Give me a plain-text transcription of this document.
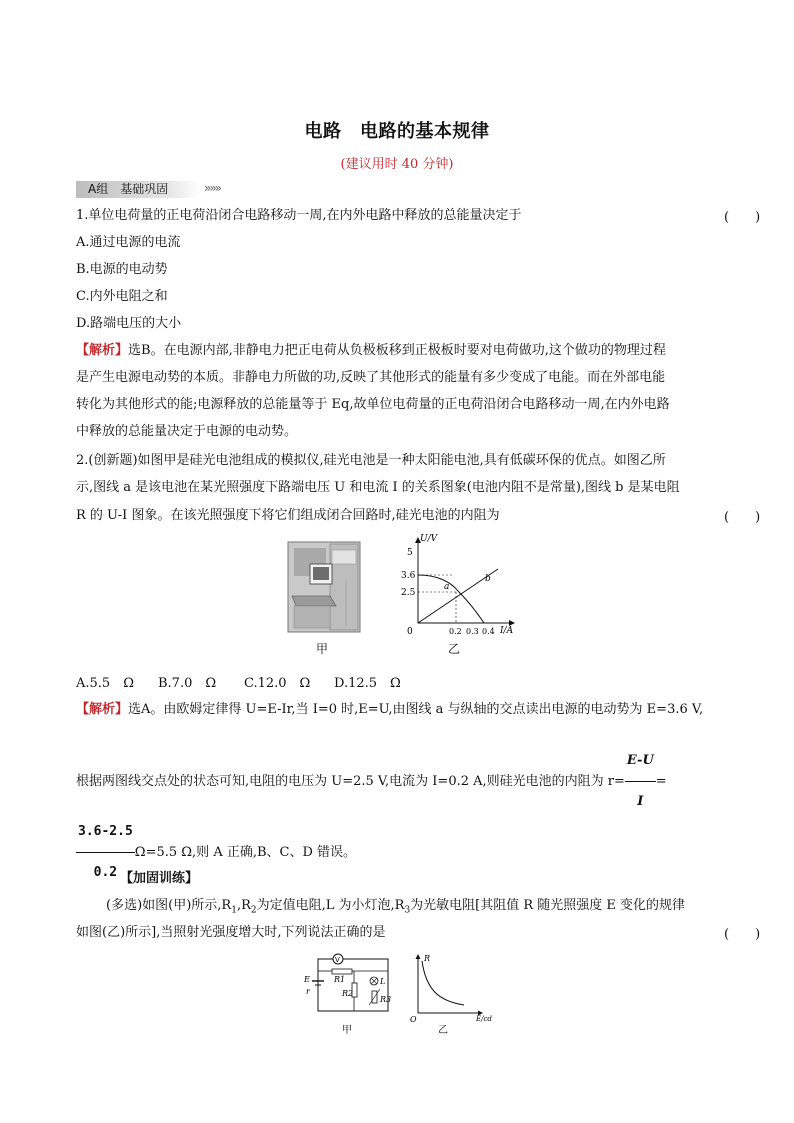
电路　电路的基本规律
(建议用时 40 分钟)
A组　基础巩固	»»»
1.单位电荷量的正电荷沿闭合电路移动一周,在内外电路中释放的总能量决定于	(　　)
A.通过电源的电流
B.电源的电动势
C.内外电阻之和
D.路端电压的大小
【解析】选B。在电源内部,非静电力把正电荷从负极板移到正极板时要对电荷做功,这个做功的物理过程
是产生电源电动势的本质。非静电力所做的功,反映了其他形式的能量有多少变成了电能。而在外部电能
转化为其他形式的能;电源释放的总能量等于 Eq,故单位电荷量的正电荷沿闭合电路移动一周,在内外电路
中释放的总能量决定于电源的电动势。
2.(创新题)如图甲是硅光电池组成的模拟仪,硅光电池是一种太阳能电池,具有低碳环保的优点。如图乙所
示,图线 a 是该电池在某光照强度下路端电压 U 和电流 I 的关系图象(电池内阻不是常量),图线 b 是某电阻
R 的 U-I 图象。在该光照强度下将它们组成闭合回路时,硅光电池的内阻为	(　　)
甲
U/V
I/A
0
5
3.6
2.5
0.2 0.3 0.4
a
b
乙
A.5.5　Ω B.7.0　Ω C.12.0　Ω D.12.5　Ω
【解析】选A。由欧姆定律得 U=E-Ir,当 I=0 时,E=U,由图线 a 与纵轴的交点读出电源的电动势为 E=3.6 V,
根据两图线交点处的状态可知,电阻的电压为 U=2.5 V,电流为 I=0.2 A,则硅光电池的内阻为 $r= \frac{E-U}{I}$ =
$\frac{3.6-2.5}{0.2} \Omega=5.5$ Ω,则 A 正确,B、C、D 错误。
【加固训练】
(多选)如图(甲)所示$,R_1,R_2$为定值电阻,L 为小灯泡$,R_3$为光敏电阻[其阻值 R 随光照强度 E 变化的规律
如图(乙)所示],当照射光强度增大时,下列说法正确的是	(　　)
V
E
r
R1
R2
L
R3
甲
R
E/cd
O
乙
